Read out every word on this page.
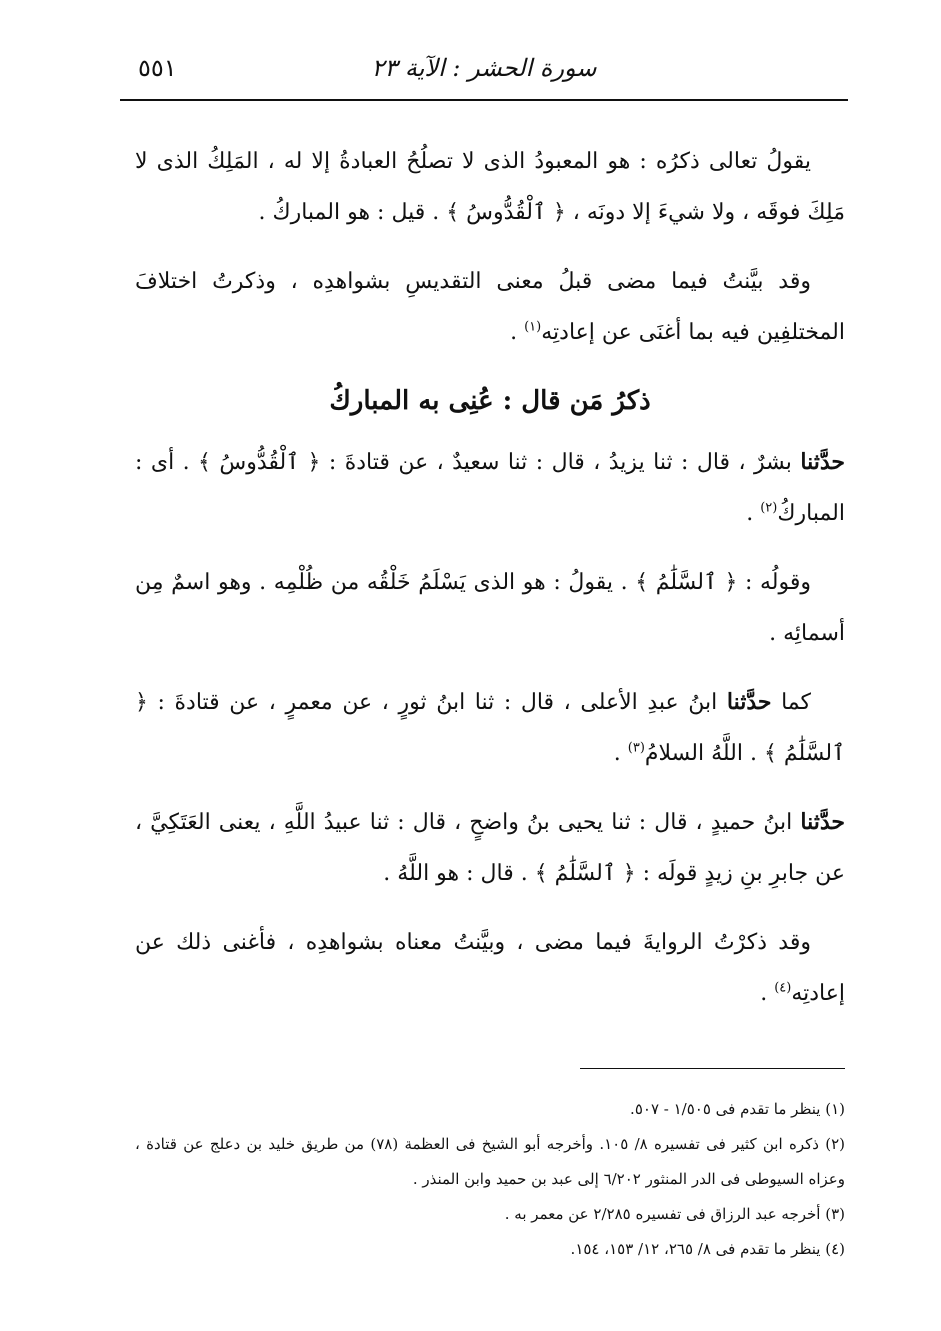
سورة الحشر : الآية ٢٣
٥٥١

يقولُ تعالى ذكرُه : هو المعبودُ الذى لا تصلُحُ العبادةُ إلا له ، المَلِكُ الذى لا مَلِكَ فوقَه ، ولا شيءَ إلا دونَه ، ﴿ ٱلْقُدُّوسُ ﴾ . قيل : هو المباركُ .

وقد بيَّنتُ فيما مضى قبلُ معنى التقديسِ بشواهدِه ، وذكرتُ اختلافَ المختلفِين فيه بما أغنَى عن إعادتِه$^{(١)}$ .

ذكرُ مَن قال : عُنِى به المباركُ

حدَّثنا بشرٌ ، قال : ثنا يزيدُ ، قال : ثنا سعيدٌ ، عن قتادةَ : ﴿ ٱلْقُدُّوسُ ﴾ . أى : المباركُ$^{(٢)}$ .

وقولُه : ﴿ ٱلسَّلَٰمُ ﴾ . يقولُ : هو الذى يَسْلَمُ خَلْقُه من ظُلْمِه . وهو اسمٌ مِن أسمائِه .

كما حدَّثنا ابنُ عبدِ الأعلى ، قال : ثنا ابنُ ثورٍ ، عن معمرٍ ، عن قتادةَ : ﴿ ٱلسَّلَٰمُ ﴾ . اللَّهُ السلامُ$^{(٣)}$ .

حدَّثنا ابنُ حميدٍ ، قال : ثنا يحيى بنُ واضحٍ ، قال : ثنا عبيدُ اللَّهِ ، يعنى العَتَكِيَّ ، عن جابرِ بنِ زيدٍ قولَه : ﴿ ٱلسَّلَٰمُ ﴾ . قال : هو اللَّهُ .

وقد ذكرْتُ الروايةَ فيما مضى ، وبيَّنتُ معناه بشواهدِه ، فأغنى ذلك عن إعادتِه$^{(٤)}$ .

(١) ينظر ما تقدم فى ١/٥٠٥ - ٥٠٧.

(٢) ذكره ابن كثير فى تفسيره ٨/ ١٠٥. وأخرجه أبو الشيخ فى العظمة (٧٨) من طريق خليد بن دعلج عن قتادة ، وعزاه السيوطى فى الدر المنثور ٦/٢٠٢ إلى عبد بن حميد وابن المنذر .

(٣) أخرجه عبد الرزاق فى تفسيره ٢/٢٨٥ عن معمر به .

(٤) ينظر ما تقدم فى ٨/ ٢٦٥، ١٢/ ١٥٣، ١٥٤.
